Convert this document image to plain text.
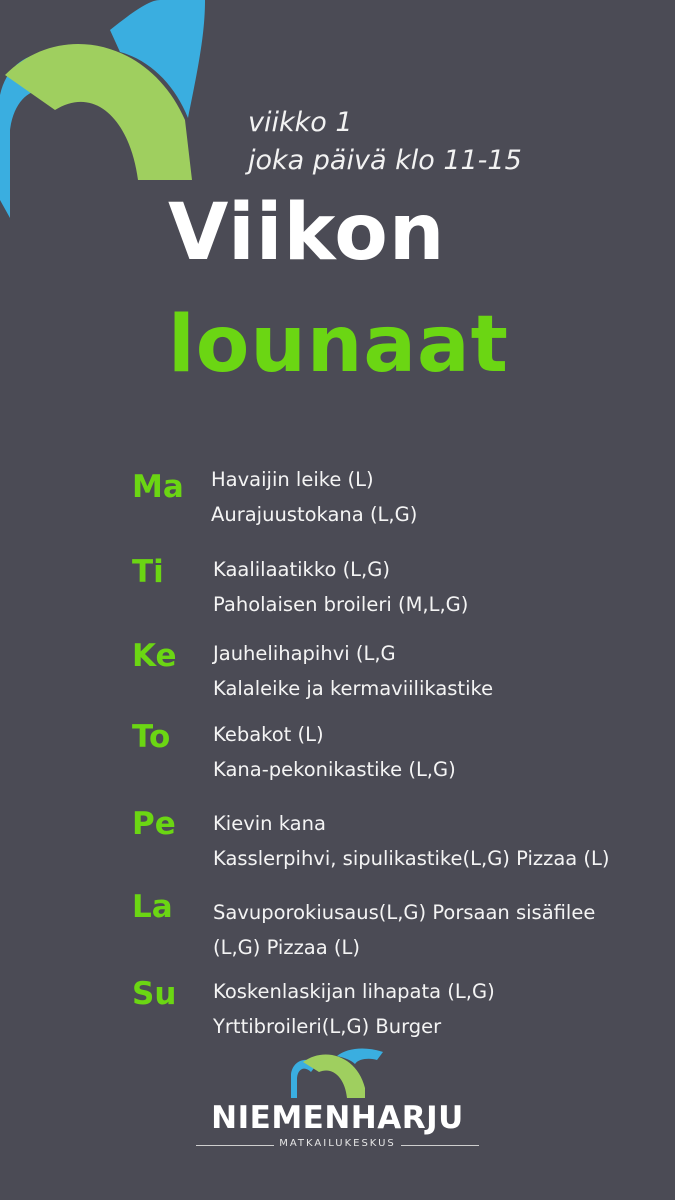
viikko 1
joka päivä klo 11-15
Viikon
lounaat
Ma Havaijin leike (L)
Aurajuustokana (L,G)
Ti	Kaalilaatikko (L,G)
Paholaisen broileri (M,L,G)
Ke Jauhelihapihvi (L,G
Kalaleike ja kermaviilikastike
To Kebakot (L)
Kana-pekonikastike (L,G)
Pe Kievin kana
Kasslerpihvi, sipulikastike(L,G) Pizzaa (L)
La Savuporokiusaus(L,G) Porsaan sisäfilee
(L,G) Pizzaa (L)
Su Koskenlaskijan lihapata (L,G)
Yrttibroileri(L,G) Burger
NIEMENHARJU
MATKAILUKESKUS
